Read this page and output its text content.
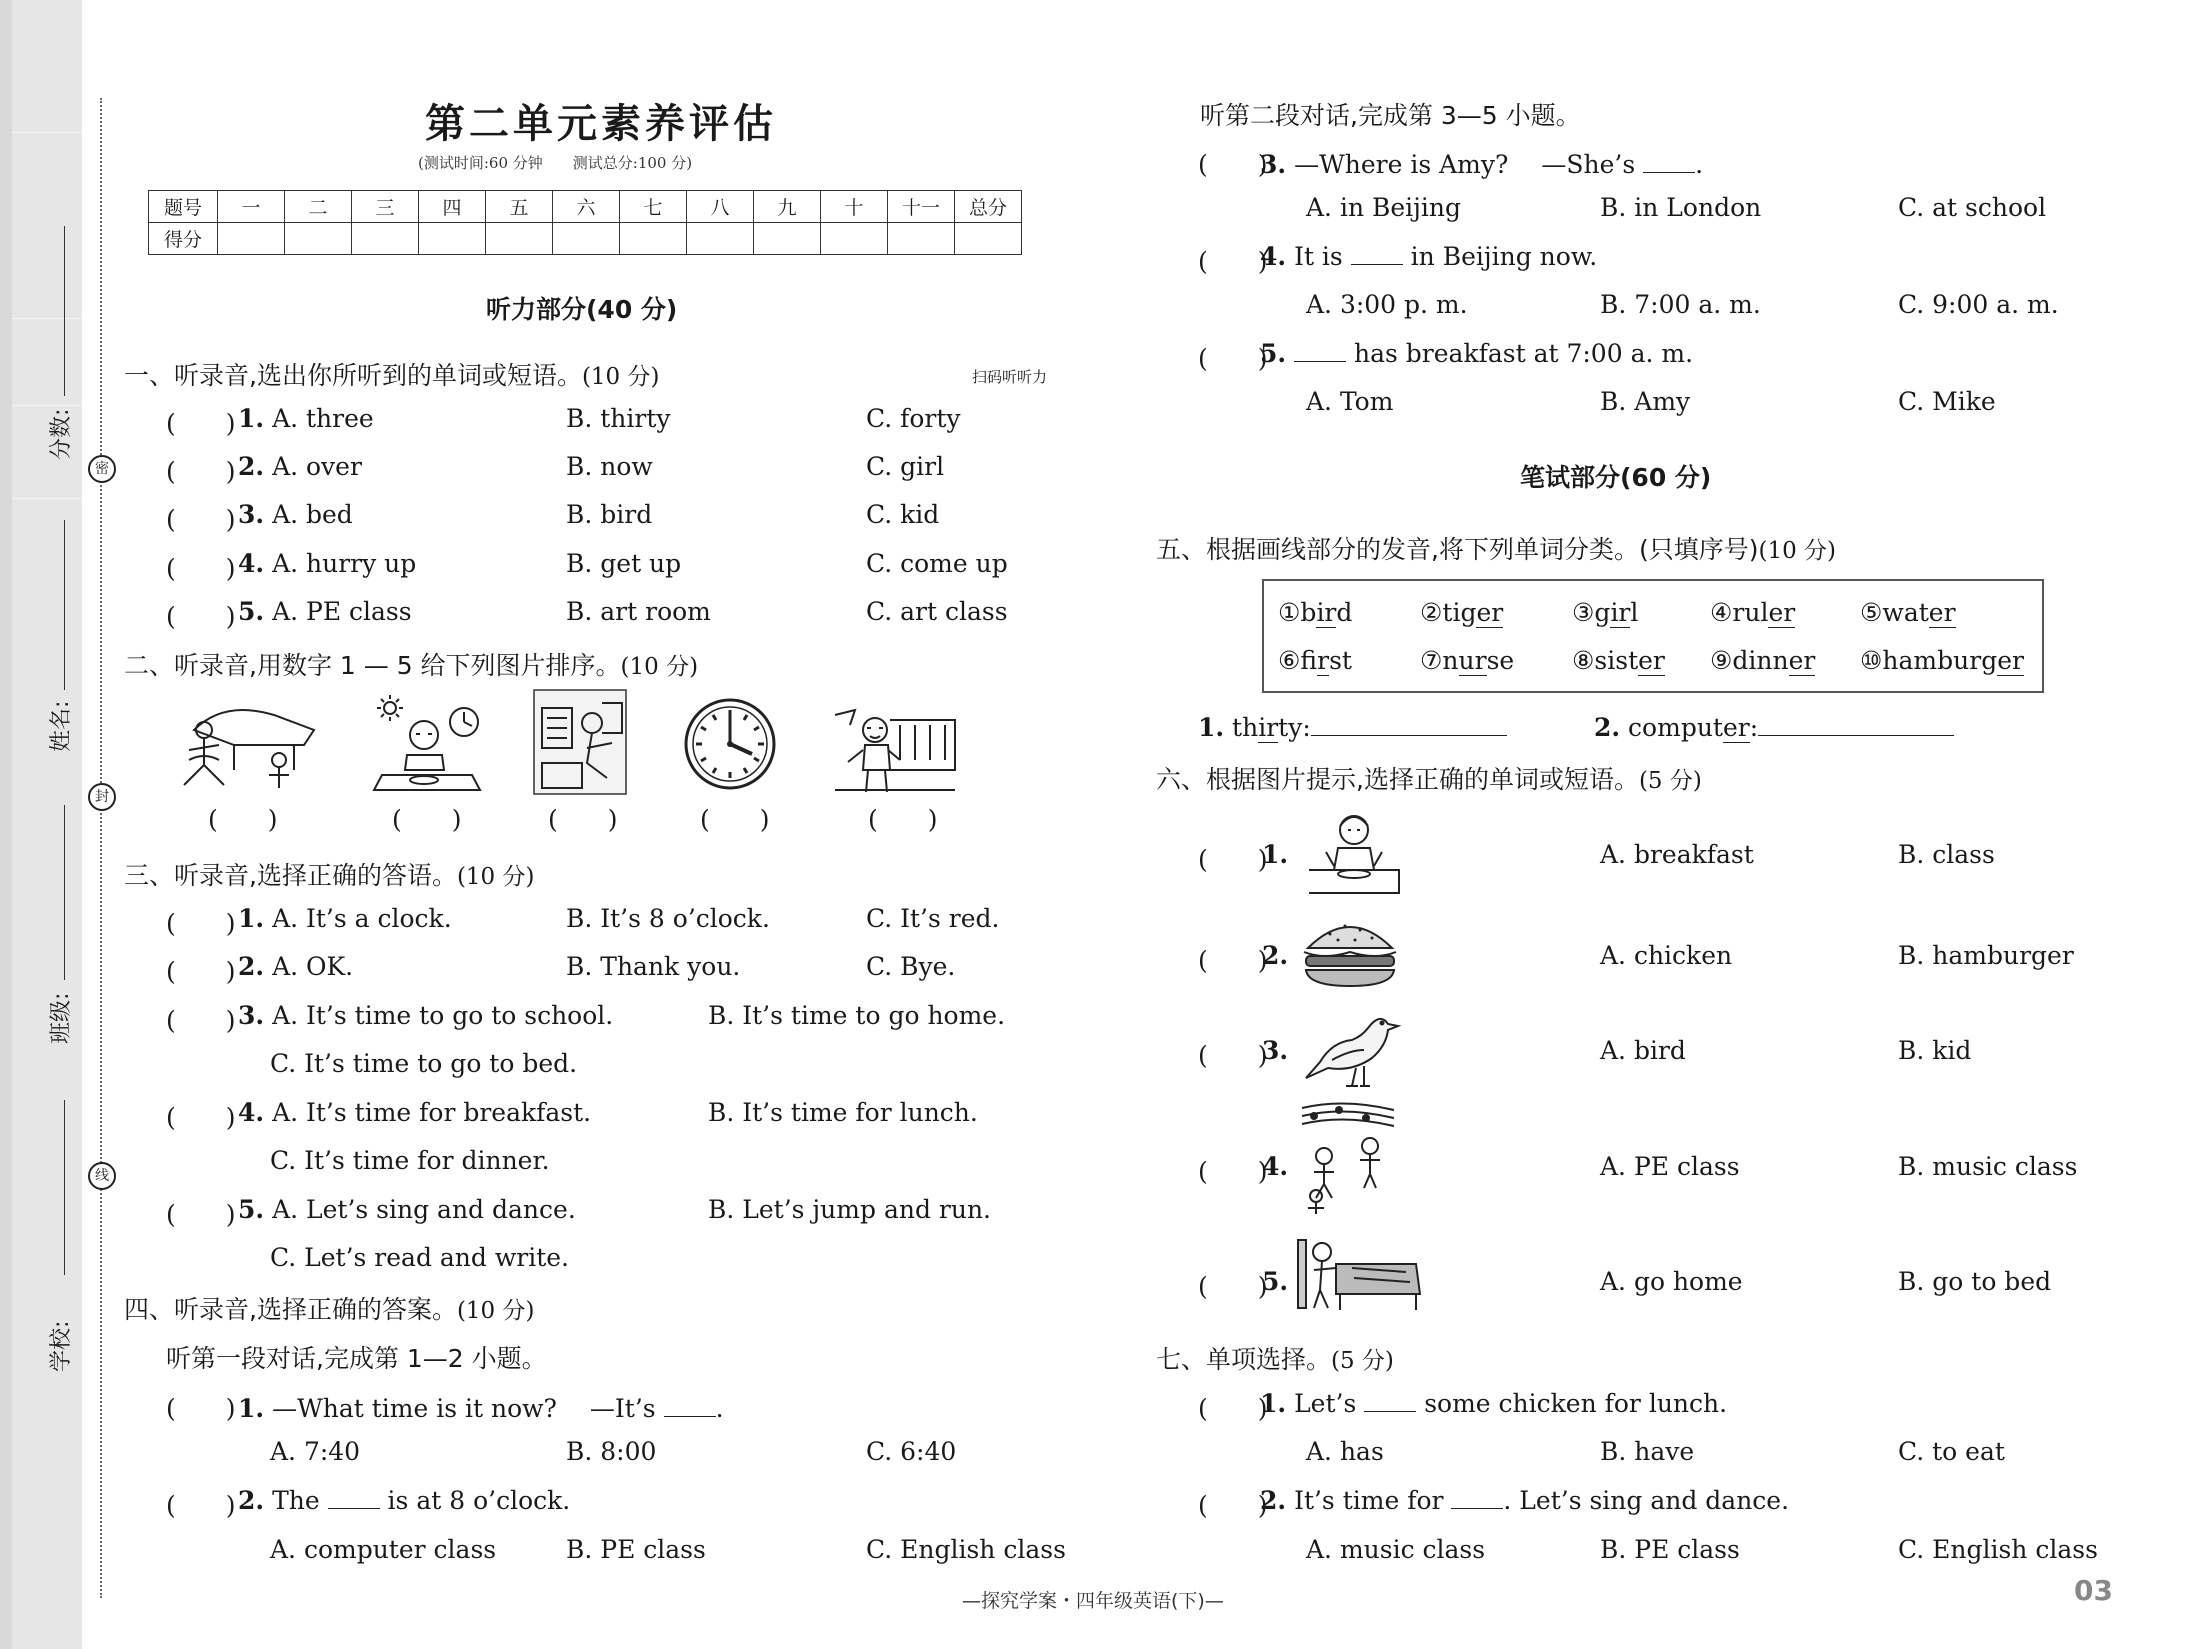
分数:
姓名:
班级:
学校:
密
封
线
第二单元素养评估
(测试时间:60 分钟　　测试总分:100 分)
题号	一	二	三	四	五	六	七	八	九	十	十一	总分
得分												
听力部分(40 分)
一、听录音,选出你所听到的单词或短语。(10 分)	扫码听听力
(　　) 1. A. three	B. thirty	C. forty
(　　) 2. A. over	B. now	C. girl
(　　) 3. A. bed	B. bird	C. kid
(　　) 4. A. hurry up	B. get up	C. come up
(　　) 5. A. PE class	B. art room	C. art class
二、听录音,用数字 1 — 5 给下列图片排序。(10 分)
(　　)	(　　)	(　　)	(　　)	(　　)
三、听录音,选择正确的答语。(10 分)
(　　) 1. A. It’s a clock.	B. It’s 8 o’clock.	C. It’s red.
(　　) 2. A. OK.	B. Thank you.	C. Bye.
(　　) 3. A. It’s time to go to school.	B. It’s time to go home.
C. It’s time to go to bed.
(　　) 4. A. It’s time for breakfast.	B. It’s time for lunch.
C. It’s time for dinner.
(　　) 5. A. Let’s sing and dance.	B. Let’s jump and run.
C. Let’s read and write.
四、听录音,选择正确的答案。(10 分)
听第一段对话,完成第 1—2 小题。
(　　) 1. —What time is it now?　 —It’s .
A. 7:40	B. 8:00	C. 6:40
(　　) 2. The	is at 8 o’clock.
A. computer class	B. PE class	C. English class
听第二段对话,完成第 3—5 小题。
(　　)
3. —Where is Amy?　 —She’s .
A. in Beijing	B. in London	C. at school
(　　)
4. It is	in Beijing now.
A. 3:00 p. m.	B. 7:00 a. m.	C. 9:00 a. m.
(　　)
5.	has breakfast at 7:00 a. m.
A. Tom	B. Amy	C. Mike
笔试部分(60 分)
五、根据画线部分的发音,将下列单词分类。(只填序号)(10 分)
①bird	②tiger	③girl	④ruler	⑤water
⑥first	⑦nurse ⑧sister ⑨dinner ⑩hamburger
1. thirty:	2. computer:
六、根据图片提示,选择正确的单词或短语。(5 分)
(　　)
1.	A. breakfast	B. class
(　　)
2.	A. chicken	B. hamburger
(　　)
3.	A. bird	B. kid
(　　)
4.	A. PE class	B. music class
(　　)
5.	A. go home	B. go to bed
七、单项选择。(5 分)
(　　)
1. Let’s	some chicken for lunch.
A. has	B. have	C. to eat
(　　)
2. It’s time for . Let’s sing and dance.
A. music class	B. PE class	C. English class
—探究学案・四年级英语(下)—	03
